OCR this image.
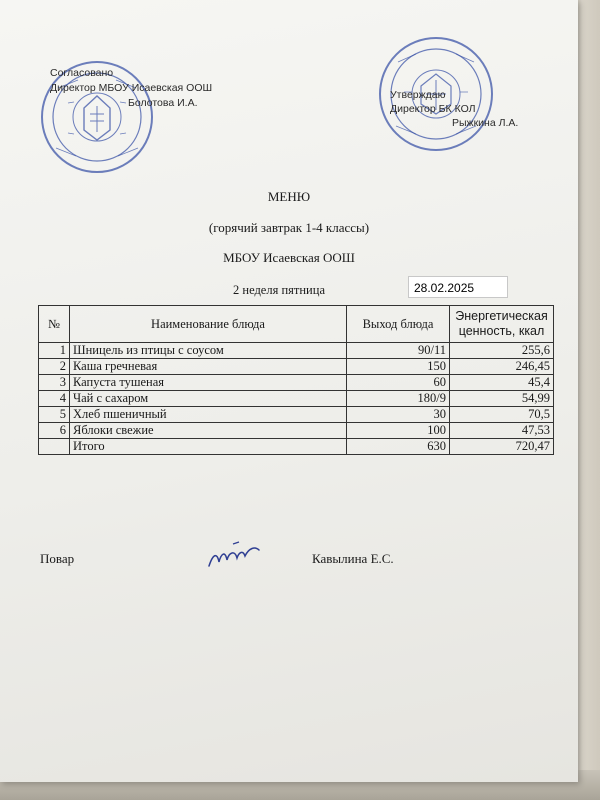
Согласовано
Директор МБОУ Исаевская ООШ
Болотова И.А.
Утверждаю
Директор БК КОЛ
Рыжкина Л.А.
МЕНЮ
(горячий завтрак 1-4 классы)
МБОУ Исаевская ООШ
2 неделя пятница	28.02.2025
№	Наименование блюда	Выход блюда	Энергетическая ценность, ккал
1	Шницель из птицы с соусом	90/11	255,6
2	Каша гречневая	150	246,45
3	Капуста тушеная	60	45,4
4	Чай с сахаром	180/9	54,99
5	Хлеб пшеничный	30	70,5
6	Яблоки свежие	100	47,53
	Итого	630	720,47
Повар	Кавылина Е.С.
